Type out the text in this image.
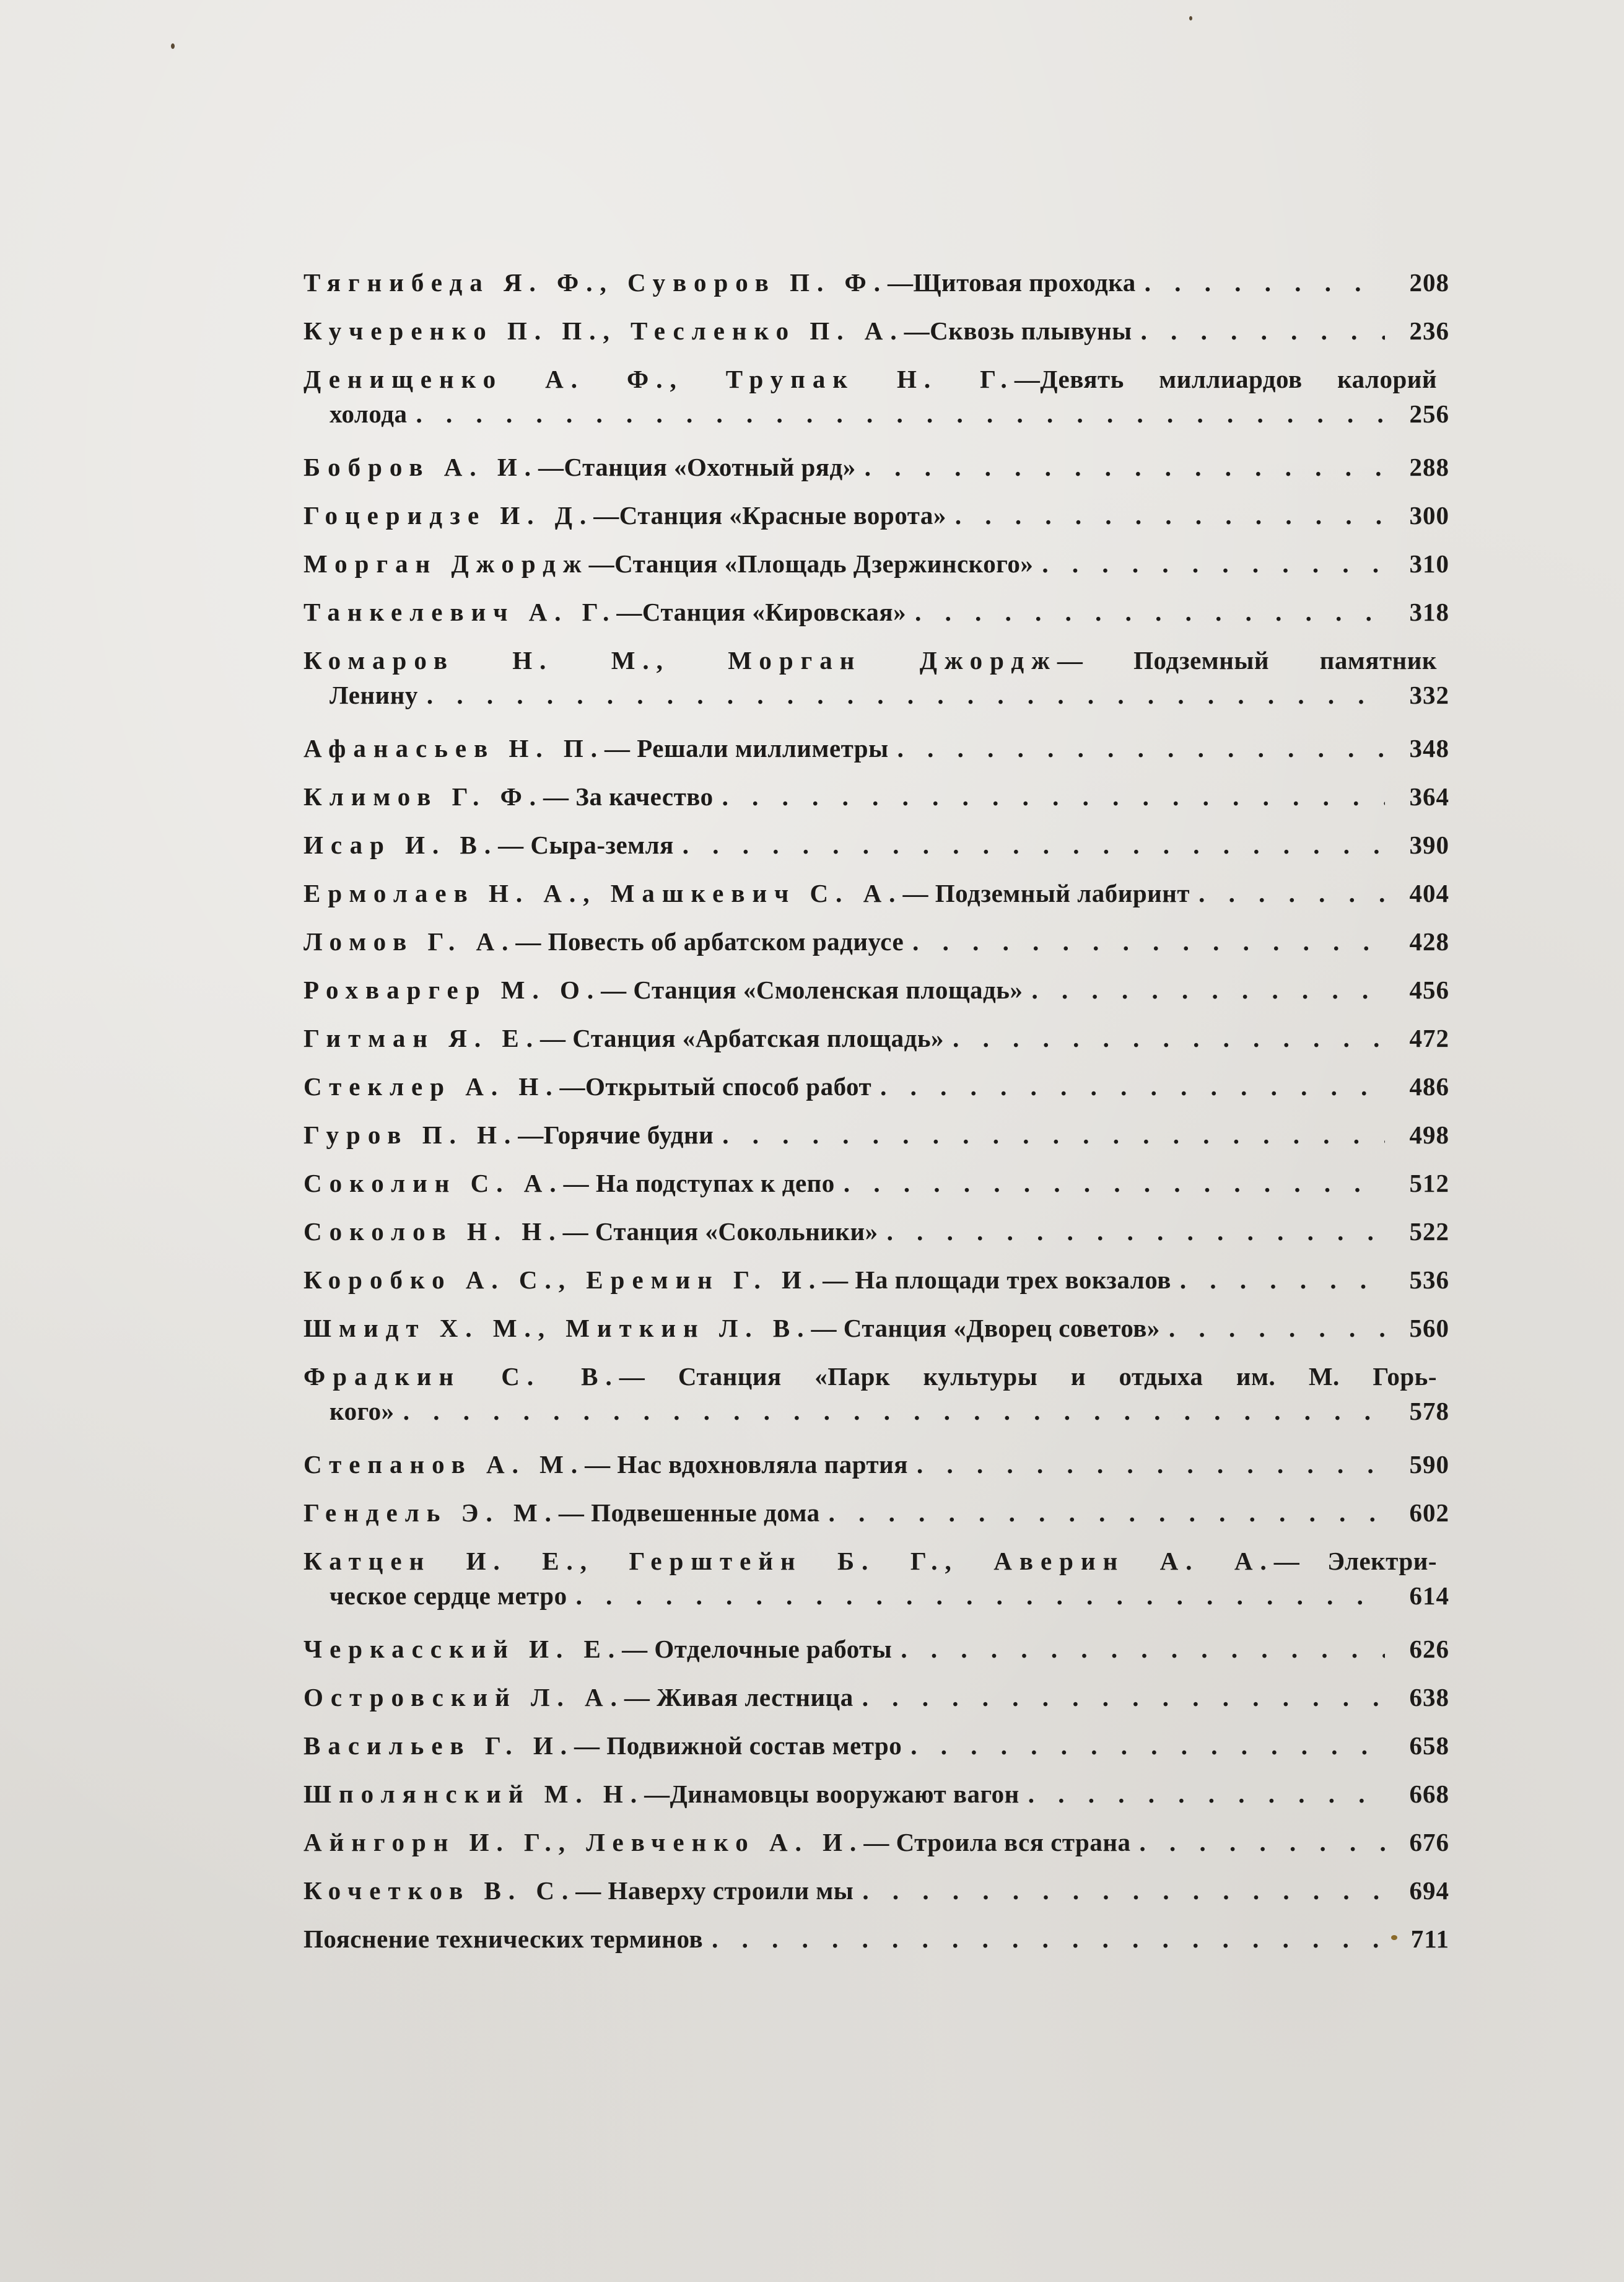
Тягнибеда Я. Ф., Суворов П. Ф. —Щитовая проходка . . .	208
Кучеренко П. П., Тесленко П. А. —Сквозь плывуны . . .	236
Денищенко А. Ф., Трупак Н. Г.—Девять миллиардов калорий
холода . . .	256
Бобров А. И. —Станция «Охотный ряд» . . .	288
Гоцеридзе И. Д. —Станция «Красные ворота» . . .	300
Морган Джордж —Станция «Площадь Дзержинского» . . .	310
Танкелевич А. Г. —Станция «Кировская» . . .	318
Комаров Н. М., Морган Джордж— Подземный памятник
Ленину . . .	332
Афанасьев Н. П. — Решали миллиметры . . .	348
Климов Г. Ф. — За качество . . .	364
Исар И. В. — Сыра-земля . . .	390
Ермолаев Н. А., Машкевич С. А. — Подземный лабиринт . . .	404
Ломов Г. А. — Повесть об арбатском радиусе . . .	428
Рохваргер М. О. — Станция «Смоленская площадь» . . .	456
Гитман Я. Е. — Станция «Арбатская площадь» . . .	472
Стеклер А. Н. —Открытый способ работ . . .	486
Гуров П. Н. —Горячие будни . . .	498
Соколин С. А. — На подступах к депо . . .	512
Соколов Н. Н. — Станция «Сокольники» . . .	522
Коробко А. С., Еремин Г. И. — На площади трех вокзалов . . .	536
Шмидт Х. М., Миткин Л. В. — Станция «Дворец советов» . . .	560
Фрадкин С. В.— Станция «Парк культуры и отдыха им. М. Горь-
кого» . . .	578
Степанов А. М. — Нас вдохновляла партия . . .	590
Гендель Э. М. — Подвешенные дома . . .	602
Катцен И. Е., Герштейн Б. Г., Аверин А. А.— Электри-
ческое сердце метро . . .	614
Черкасский И. Е. — Отделочные работы . . .	626
Островский Л. А. — Живая лестница . . .	638
Васильев Г. И. — Подвижной состав метро . . .	658
Шполянский М. Н. —Динамовцы вооружают вагон . . .	668
Айнгорн И. Г., Левченко А. И. — Строила вся страна . . .	676
Кочетков В. С. — Наверху строили мы . . .	694
Пояснение технических терминов . . .	711
